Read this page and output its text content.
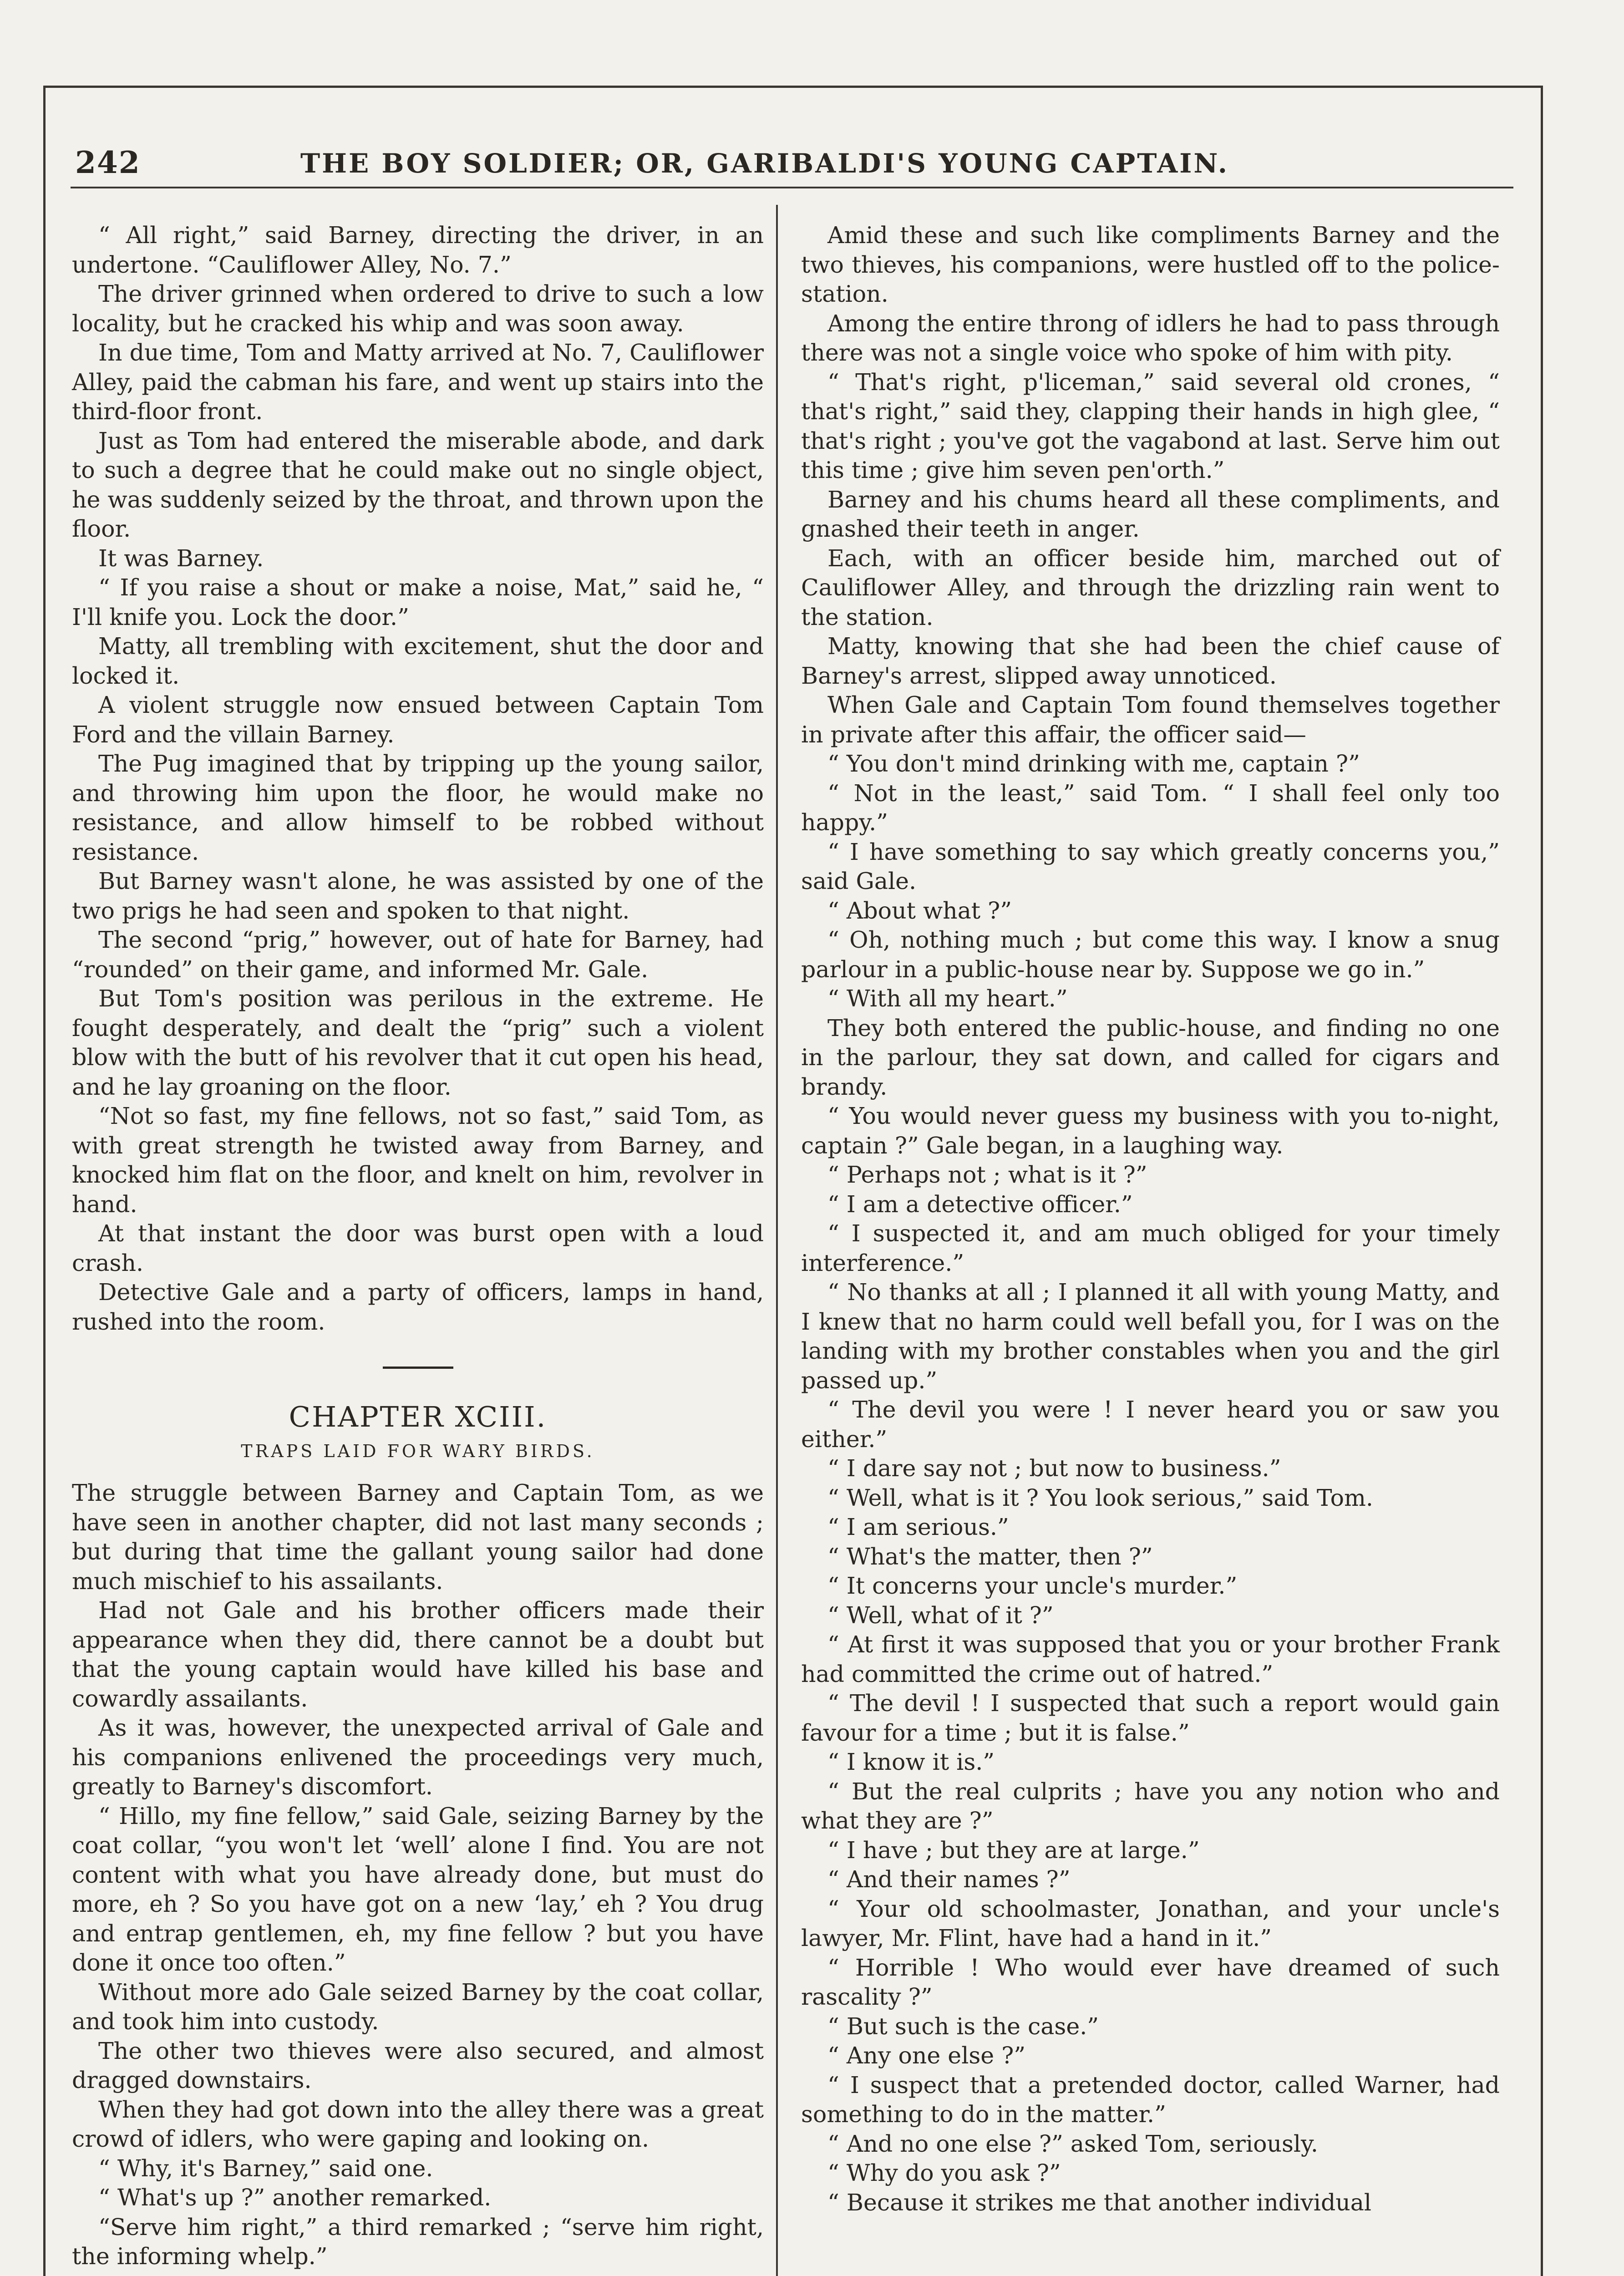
242	THE BOY SOLDIER; OR, GARIBALDI'S YOUNG CAPTAIN.

“ All right,” said Barney, directing the driver, in an undertone. “Cauliflower Alley, No. 7.”

The driver grinned when ordered to drive to such a low locality, but he cracked his whip and was soon away.

In due time, Tom and Matty arrived at No. 7, Cauliflower Alley, paid the cabman his fare, and went up stairs into the third-floor front.

Just as Tom had entered the miserable abode, and dark to such a degree that he could make out no single object, he was suddenly seized by the throat, and thrown upon the floor.

It was Barney.

“ If you raise a shout or make a noise, Mat,” said he, “ I'll knife you. Lock the door.”

Matty, all trembling with excitement, shut the door and locked it.

A violent struggle now ensued between Captain Tom Ford and the villain Barney.

The Pug imagined that by tripping up the young sailor, and throwing him upon the floor, he would make no resistance, and allow himself to be robbed without resistance.

But Barney wasn't alone, he was assisted by one of the two prigs he had seen and spoken to that night.

The second “prig,” however, out of hate for Barney, had “rounded” on their game, and informed Mr. Gale.

But Tom's position was perilous in the extreme. He fought desperately, and dealt the “prig” such a violent blow with the butt of his revolver that it cut open his head, and he lay groaning on the floor.

“Not so fast, my fine fellows, not so fast,” said Tom, as with great strength he twisted away from Barney, and knocked him flat on the floor, and knelt on him, revolver in hand.

At that instant the door was burst open with a loud crash.

Detective Gale and a party of officers, lamps in hand, rushed into the room.

CHAPTER XCIII.
TRAPS LAID FOR WARY BIRDS.

The struggle between Barney and Captain Tom, as we have seen in another chapter, did not last many seconds ; but during that time the gallant young sailor had done much mischief to his assailants.

Had not Gale and his brother officers made their appearance when they did, there cannot be a doubt but that the young captain would have killed his base and cowardly assailants.

As it was, however, the unexpected arrival of Gale and his companions enlivened the proceedings very much, greatly to Barney's discomfort.

“ Hillo, my fine fellow,” said Gale, seizing Barney by the coat collar, “you won't let ‘well’ alone I find. You are not content with what you have already done, but must do more, eh ? So you have got on a new ‘lay,’ eh ? You drug and entrap gentlemen, eh, my fine fellow ? but you have done it once too often.”

Without more ado Gale seized Barney by the coat collar, and took him into custody.

The other two thieves were also secured, and almost dragged downstairs.

When they had got down into the alley there was a great crowd of idlers, who were gaping and looking on.

“ Why, it's Barney,” said one.

“ What's up ?” another remarked.

“Serve him right,” a third remarked ; “serve him right, the informing whelp.”

Amid these and such like compliments Barney and the two thieves, his companions, were hustled off to the police-station.

Among the entire throng of idlers he had to pass through there was not a single voice who spoke of him with pity.

“ That's right, p'liceman,” said several old crones, “ that's right,” said they, clapping their hands in high glee, “ that's right ; you've got the vagabond at last. Serve him out this time ; give him seven pen'orth.”

Barney and his chums heard all these compliments, and gnashed their teeth in anger.

Each, with an officer beside him, marched out of Cauliflower Alley, and through the drizzling rain went to the station.

Matty, knowing that she had been the chief cause of Barney's arrest, slipped away unnoticed.

When Gale and Captain Tom found themselves together in private after this affair, the officer said—

“ You don't mind drinking with me, captain ?”

“ Not in the least,” said Tom. “ I shall feel only too happy.”

“ I have something to say which greatly concerns you,” said Gale.

“ About what ?”

“ Oh, nothing much ; but come this way. I know a snug parlour in a public-house near by. Suppose we go in.”

“ With all my heart.”

They both entered the public-house, and finding no one in the parlour, they sat down, and called for cigars and brandy.

“ You would never guess my business with you to-night, captain ?” Gale began, in a laughing way.

“ Perhaps not ; what is it ?”

“ I am a detective officer.”

“ I suspected it, and am much obliged for your timely interference.”

“ No thanks at all ; I planned it all with young Matty, and I knew that no harm could well befall you, for I was on the landing with my brother constables when you and the girl passed up.”

“ The devil you were ! I never heard you or saw you either.”

“ I dare say not ; but now to business.”

“ Well, what is it ? You look serious,” said Tom.

“ I am serious.”

“ What's the matter, then ?”

“ It concerns your uncle's murder.”

“ Well, what of it ?”

“ At first it was supposed that you or your brother Frank had committed the crime out of hatred.”

“ The devil ! I suspected that such a report would gain favour for a time ; but it is false.”

“ I know it is.”

“ But the real culprits ; have you any notion who and what they are ?”

“ I have ; but they are at large.”

“ And their names ?”

“ Your old schoolmaster, Jonathan, and your uncle's lawyer, Mr. Flint, have had a hand in it.”

“ Horrible ! Who would ever have dreamed of such rascality ?”

“ But such is the case.”

“ Any one else ?”

“ I suspect that a pretended doctor, called Warner, had something to do in the matter.”

“ And no one else ?” asked Tom, seriously.

“ Why do you ask ?”

“ Because it strikes me that another individual
